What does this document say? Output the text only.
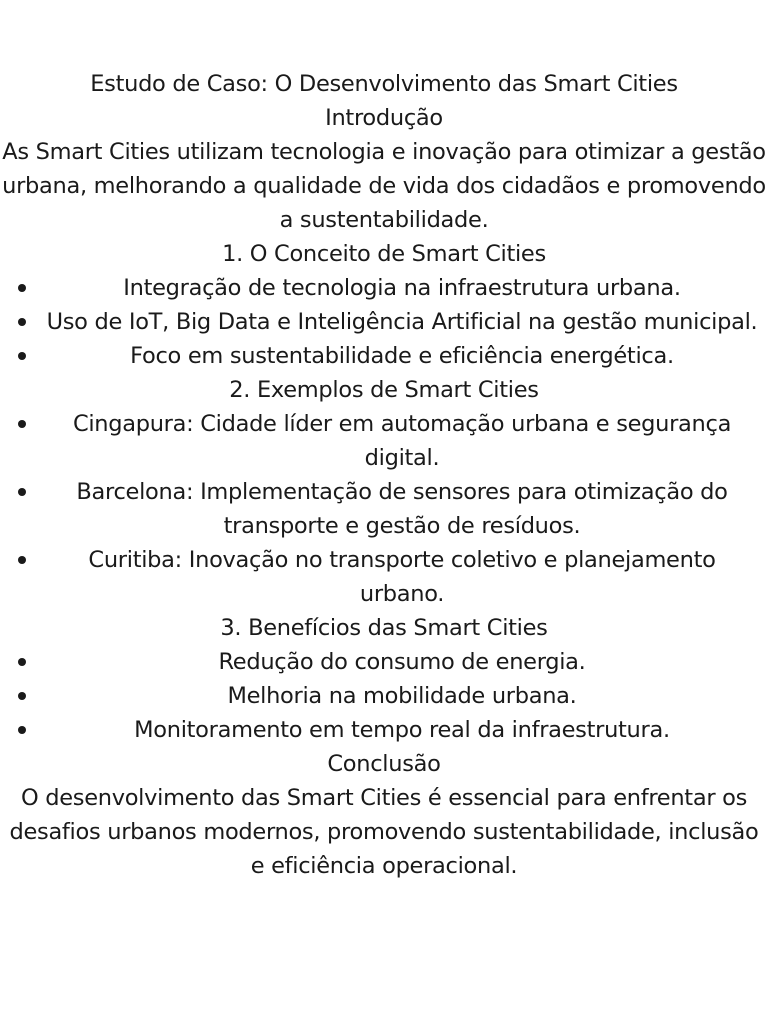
Estudo de Caso: O Desenvolvimento das Smart Cities

Introdução

As Smart Cities utilizam tecnologia e inovação para otimizar a gestão urbana, melhorando a qualidade de vida dos cidadãos e promovendo a sustentabilidade.

1. O Conceito de Smart Cities

Integração de tecnologia na infraestrutura urbana.
Uso de IoT, Big Data e Inteligência Artificial na gestão municipal.
Foco em sustentabilidade e eficiência energética.

2. Exemplos de Smart Cities

Cingapura: Cidade líder em automação urbana e segurança digital.
Barcelona: Implementação de sensores para otimização do transporte e gestão de resíduos.
Curitiba: Inovação no transporte coletivo e planejamento urbano.

3. Benefícios das Smart Cities

Redução do consumo de energia.
Melhoria na mobilidade urbana.
Monitoramento em tempo real da infraestrutura.

Conclusão

O desenvolvimento das Smart Cities é essencial para enfrentar os desafios urbanos modernos, promovendo sustentabilidade, inclusão e eficiência operacional.
